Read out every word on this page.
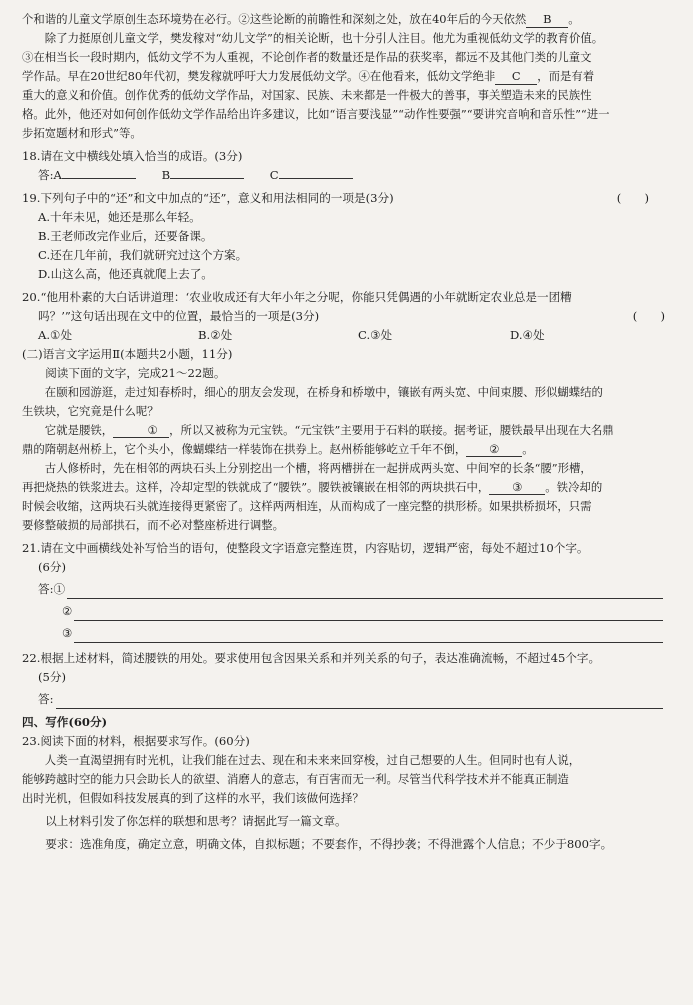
个和谐的儿童文学原创生态环境势在必行。②这些论断的前瞻性和深刻之处，放在40年后的今天依然 B 。

除了力挺原创儿童文学，樊发稼对“幼儿文学”的相关论断，也十分引人注目。他尤为重视低幼文学的教育价值。

③在相当长一段时期内，低幼文学不为人重视，不论创作者的数量还是作品的获奖率，都远不及其他门类的儿童文

学作品。早在20世纪80年代初，樊发稼就呼吁大力发展低幼文学。④在他看来，低幼文学绝非 C ，而是有着

重大的意义和价值。创作优秀的低幼文学作品，对国家、民族、未来都是一件极大的善事，事关塑造未来的民族性

格。此外，他还对如何创作低幼文学作品给出许多建议，比如“语言要浅显”“动作性要强”“要讲究音响和音乐性”“进一

步拓宽题材和形式”等。

18.请在文中横线处填入恰当的成语。(3分)

答:A	B	C

19.下列句子中的“还”和文中加点的“还”，意义和用法相同的一项是(3分)	(　　)

A.十年未见，她还是那么年轻。

B.王老师改完作业后，还要备课。

C.还在几年前，我们就研究过这个方案。

D.山这么高，他还真就爬上去了。

20.“他用朴素的大白话讲道理：‘农业收成还有大年小年之分呢，你能只凭偶遇的小年就断定农业总是一团糟

吗？’”这句话出现在文中的位置，最恰当的一项是(3分)	(　　)

A.①处	B.②处	C.③处	D.④处

(二)语言文字运用Ⅱ(本题共2小题，11分)

阅读下面的文字，完成21～22题。

在颐和园游逛，走过知春桥时，细心的朋友会发现，在桥身和桥墩中，镶嵌有两头宽、中间束腰、形似蝴蝶结的

生铁块，它究竟是什么呢？

它就是腰铁，	① ，所以又被称为元宝铁。“元宝铁”主要用于石料的联接。据考证，腰铁最早出现在大名鼎

鼎的隋朝赵州桥上，它个头小，像蝴蝶结一样装饰在拱券上。赵州桥能够屹立千年不倒， ② 。

古人修桥时，先在相邻的两块石头上分别挖出一个槽，将两槽拼在一起拼成两头宽、中间窄的长条“腰”形槽，

再把烧热的铁浆进去。这样，冷却定型的铁就成了“腰铁”。腰铁被镶嵌在相邻的两块拱石中， ③ 。铁冷却的

时候会收缩，这两块石头就连接得更紧密了。这样两两相连，从而构成了一座完整的拱形桥。如果拱桥损坏，只需

要修整破损的局部拱石，而不必对整座桥进行调整。

21.请在文中画横线处补写恰当的语句，使整段文字语意完整连贯，内容贴切，逻辑严密，每处不超过10个字。

(6分)

答:①
②
③

22.根据上述材料，简述腰铁的用处。要求使用包含因果关系和并列关系的句子，表达准确流畅，不超过45个字。

(5分)

答:

四、写作(60分)

23.阅读下面的材料，根据要求写作。(60分)

人类一直渴望拥有时光机，让我们能在过去、现在和未来来回穿梭，过自己想要的人生。但同时也有人说，

能够跨越时空的能力只会助长人的欲望、消磨人的意志，有百害而无一利。尽管当代科学技术并不能真正制造

出时光机，但假如科技发展真的到了这样的水平，我们该做何选择？

以上材料引发了你怎样的联想和思考？请据此写一篇文章。

要求：选准角度，确定立意，明确文体，自拟标题；不要套作，不得抄袭；不得泄露个人信息；不少于800字。
